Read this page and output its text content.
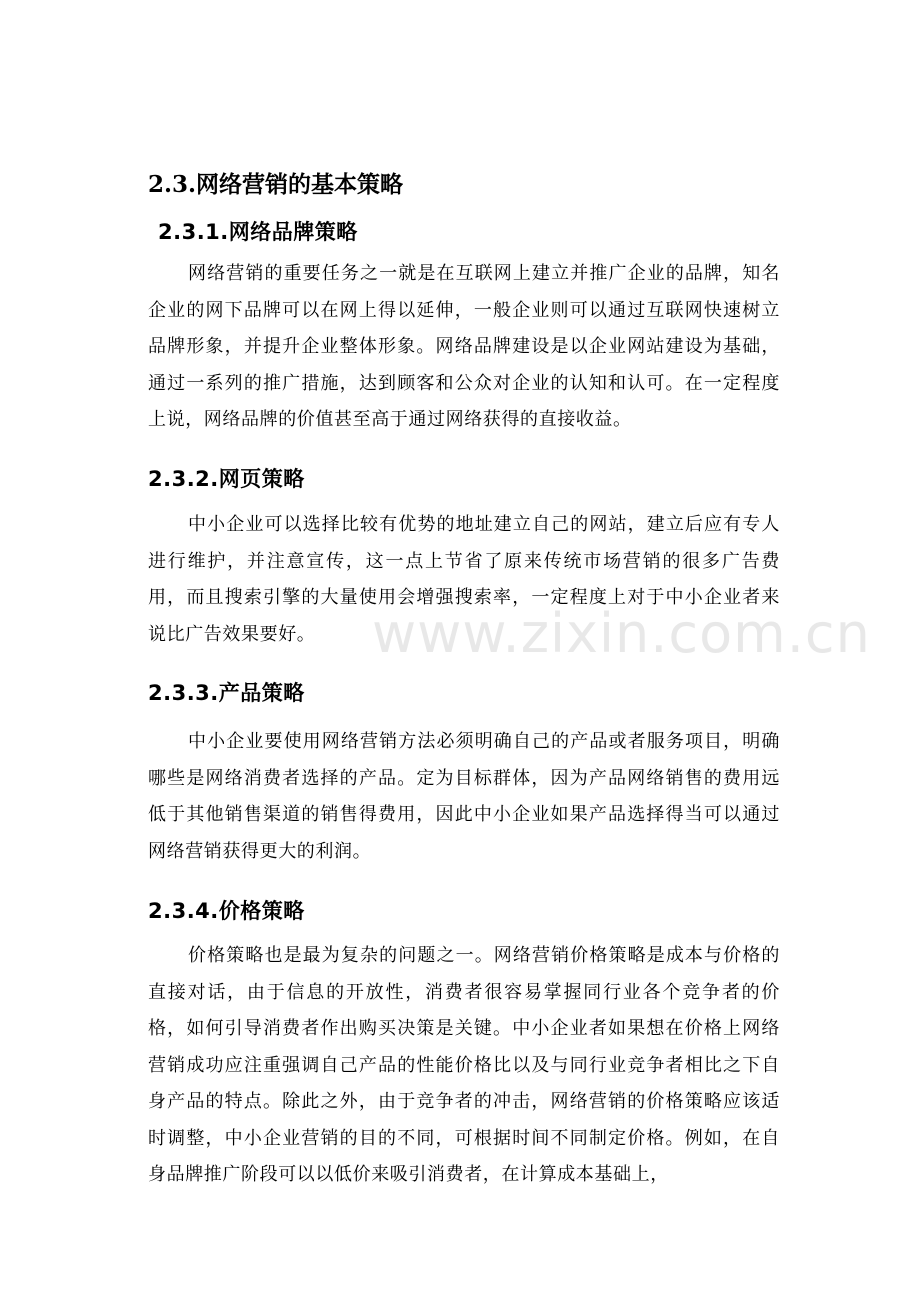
2.3.网络营销的基本策略
2.3.1.网络品牌策略

网络营销的重要任务之一就是在互联网上建立并推广企业的品牌，知名企业的网下品牌可以在网上得以延伸，一般企业则可以通过互联网快速树立品牌形象，并提升企业整体形象。网络品牌建设是以企业网站建设为基础，通过一系列的推广措施，达到顾客和公众对企业的认知和认可。在一定程度上说，网络品牌的价值甚至高于通过网络获得的直接收益。

2.3.2.网页策略

中小企业可以选择比较有优势的地址建立自己的网站，建立后应有专人进行维护，并注意宣传，这一点上节省了原来传统市场营销的很多广告费用，而且搜索引擎的大量使用会增强搜索率，一定程度上对于中小企业者来说比广告效果要好。

2.3.3.产品策略

中小企业要使用网络营销方法必须明确自己的产品或者服务项目，明确哪些是网络消费者选择的产品。定为目标群体，因为产品网络销售的费用远低于其他销售渠道的销售得费用，因此中小企业如果产品选择得当可以通过网络营销获得更大的利润。

2.3.4.价格策略

价格策略也是最为复杂的问题之一。网络营销价格策略是成本与价格的直接对话，由于信息的开放性，消费者很容易掌握同行业各个竞争者的价格，如何引导消费者作出购买决策是关键。中小企业者如果想在价格上网络营销成功应注重强调自己产品的性能价格比以及与同行业竞争者相比之下自身产品的特点。除此之外，由于竞争者的冲击，网络营销的价格策略应该适时调整，中小企业营销的目的不同，可根据时间不同制定价格。例如，在自身品牌推广阶段可以以低价来吸引消费者，在计算成本基础上，

www.zixin.com.cn
